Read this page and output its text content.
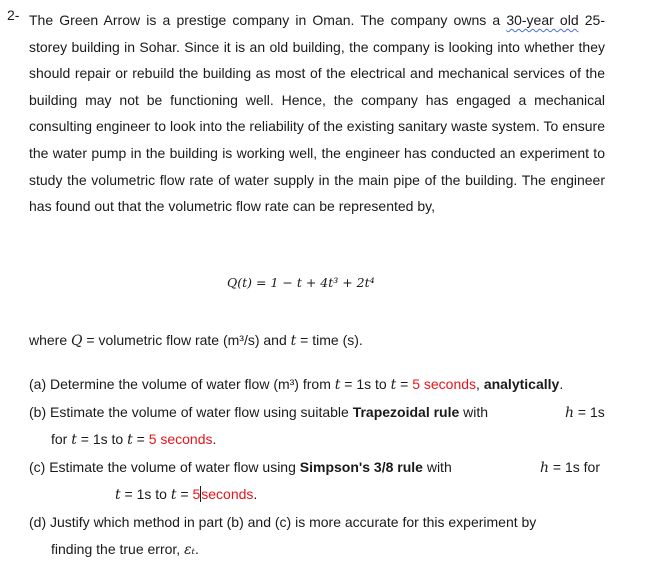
2- The Green Arrow is a prestige company in Oman. The company owns a 30-year old 25-storey building in Sohar. Since it is an old building, the company is looking into whether they should repair or rebuild the building as most of the electrical and mechanical services of the building may not be functioning well. Hence, the company has engaged a mechanical consulting engineer to look into the reliability of the existing sanitary waste system. To ensure the water pump in the building is working well, the engineer has conducted an experiment to study the volumetric flow rate of water supply in the main pipe of the building. The engineer has found out that the volumetric flow rate can be represented by,
Q(t) = 1 − t + 4t³ + 2t⁴
where Q = volumetric flow rate (m³/s) and t = time (s).
(a) Determine the volume of water flow (m³) from t = 1s to t = 5 seconds, analytically.
(b) Estimate the volume of water flow using suitable Trapezoidal rule with	h = 1s
for t = 1s to t = 5 seconds.
(c) Estimate the volume of water flow using Simpson's 3/8 rule with	h = 1s for
t = 1s to t = 5seconds.
(d) Justify which method in part (b) and (c) is more accurate for this experiment by
finding the true error, εₜ.
